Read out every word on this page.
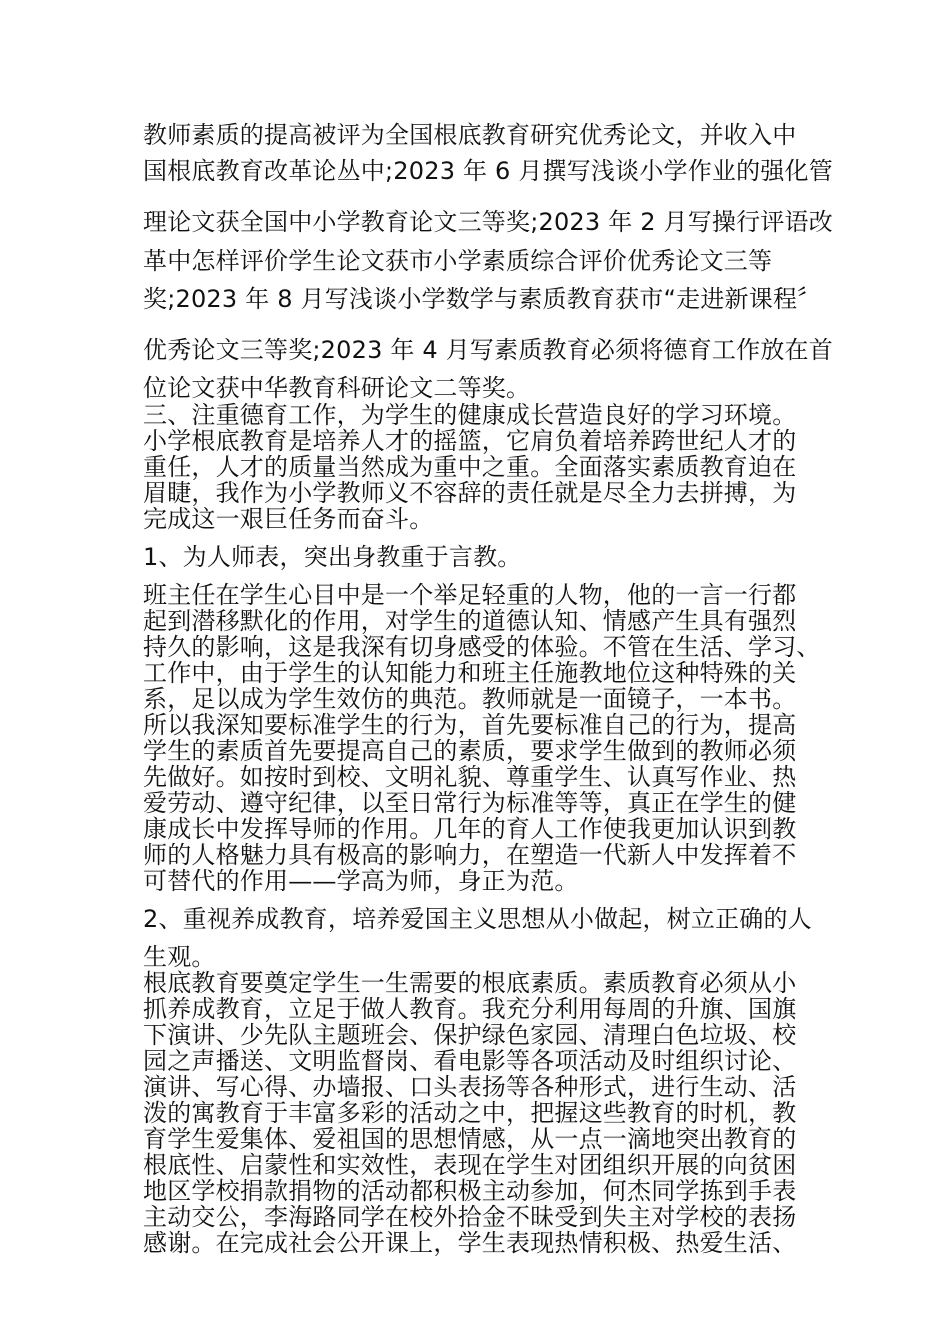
教师素质的提高被评为全国根底教育研究优秀论文，并收入中

国根底教育改革论丛中;2023 年 6 月撰写浅谈小学作业的强化管

理论文获全国中小学教育论文三等奖;2023 年 2 月写操行评语改

革中怎样评价学生论文获市小学素质综合评价优秀论文三等

奖;2023 年 8 月写浅谈小学数学与素质教育获市“走进新课程〞

优秀论文三等奖;2023 年 4 月写素质教育必须将德育工作放在首

位论文获中华教育科研论文二等奖。

三、注重德育工作，为学生的健康成长营造良好的学习环境。

小学根底教育是培养人才的摇篮，它肩负着培养跨世纪人才的

重任，人才的质量当然成为重中之重。全面落实素质教育迫在

眉睫，我作为小学教师义不容辞的责任就是尽全力去拼搏，为

完成这一艰巨任务而奋斗。

1、为人师表，突出身教重于言教。

班主任在学生心目中是一个举足轻重的人物，他的一言一行都

起到潜移默化的作用，对学生的道德认知、情感产生具有强烈

持久的影响，这是我深有切身感受的体验。不管在生活、学习、

工作中，由于学生的认知能力和班主任施教地位这种特殊的关

系，足以成为学生效仿的典范。教师就是一面镜子，一本书。

所以我深知要标准学生的行为，首先要标准自己的行为，提高

学生的素质首先要提高自己的素质，要求学生做到的教师必须

先做好。如按时到校、文明礼貌、尊重学生、认真写作业、热

爱劳动、遵守纪律，以至日常行为标准等等，真正在学生的健

康成长中发挥导师的作用。几年的育人工作使我更加认识到教

师的人格魅力具有极高的影响力，在塑造一代新人中发挥着不

可替代的作用——学高为师，身正为范。

2、重视养成教育，培养爱国主义思想从小做起，树立正确的人

生观。

根底教育要奠定学生一生需要的根底素质。素质教育必须从小

抓养成教育，立足于做人教育。我充分利用每周的升旗、国旗

下演讲、少先队主题班会、保护绿色家园、清理白色垃圾、校

园之声播送、文明监督岗、看电影等各项活动及时组织讨论、

演讲、写心得、办墙报、口头表扬等各种形式，进行生动、活

泼的寓教育于丰富多彩的活动之中，把握这些教育的时机，教

育学生爱集体、爱祖国的思想情感，从一点一滴地突出教育的

根底性、启蒙性和实效性，表现在学生对团组织开展的向贫困

地区学校捐款捐物的活动都积极主动参加，何杰同学拣到手表

主动交公，李海路同学在校外拾金不昧受到失主对学校的表扬

感谢。在完成社会公开课上，学生表现热情积极、热爱生活、
